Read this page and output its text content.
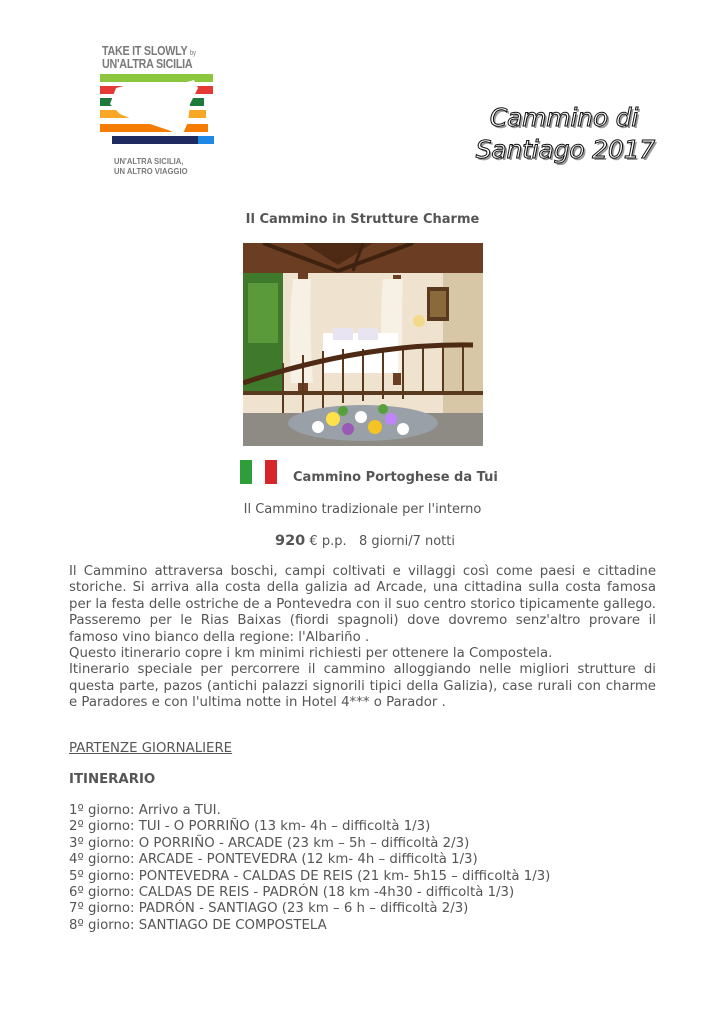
TAKE IT SLOWLY by
UN'ALTRA SICILIA
UN'ALTRA SICILIA,
UN ALTRO VIAGGIO
Cammino di
Santiago 2017
Il Cammino in Strutture Charme
Cammino Portoghese da Tui
Il Cammino tradizionale per l'interno
920 € p.p. 8 giorni/7 notti

Il Cammino attraversa boschi, campi coltivati e villaggi così come paesi e cittadine storiche. Si arriva alla costa della galizia ad Arcade, una cittadina sulla costa famosa per la festa delle ostriche de a Pontevedra con il suo centro storico tipicamente gallego. Passeremo per le Rias Baixas (fiordi spagnoli) dove dovremo senz'altro provare il famoso vino bianco della regione: l'Albariño .

Questo itinerario copre i km minimi richiesti per ottenere la Compostela.

Itinerario speciale per percorrere il cammino alloggiando nelle migliori strutture di questa parte, pazos (antichi palazzi signorili tipici della Galizia), case rurali con charme e Paradores e con l'ultima notte in Hotel 4*** o Parador .

PARTENZE GIORNALIERE
ITINERARIO
1º giorno: Arrivo a TUI.
2º giorno: TUI - O PORRIÑO (13 km- 4h – difficoltà 1/3)
3º giorno: O PORRIÑO - ARCADE (23 km – 5h – difficoltà 2/3)
4º giorno: ARCADE - PONTEVEDRA (12 km- 4h – difficoltà 1/3)
5º giorno: PONTEVEDRA - CALDAS DE REIS (21 km- 5h15 – difficoltà 1/3)
6º giorno: CALDAS DE REIS - PADRÓN (18 km -4h30 - difficoltà 1/3)
7º giorno: PADRÓN - SANTIAGO (23 km – 6 h – difficoltà 2/3)
8º giorno: SANTIAGO DE COMPOSTELA
